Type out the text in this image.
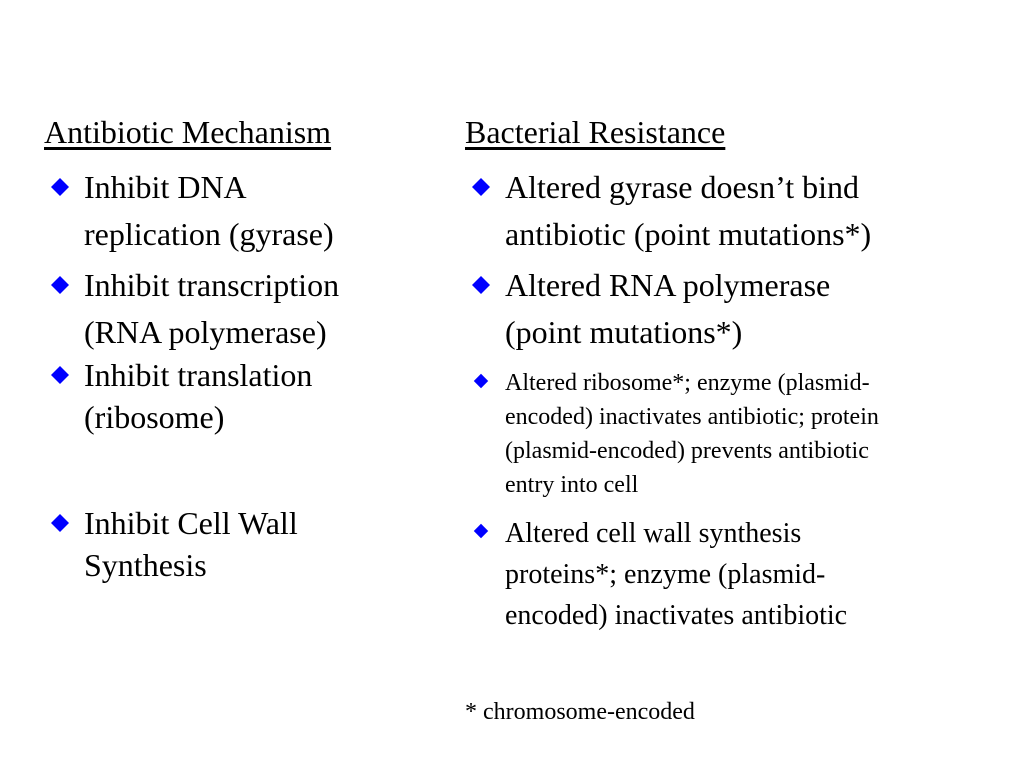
Antibiotic Mechanism
Inhibit DNA
replication (gyrase)
Inhibit transcription
(RNA polymerase)
Inhibit translation
(ribosome)
Inhibit Cell Wall
Synthesis
Bacterial Resistance
Altered gyrase doesn’t bind
antibiotic (point mutations*)
Altered RNA polymerase
(point mutations*)
Altered ribosome*; enzyme (plasmid-
encoded) inactivates antibiotic; protein
(plasmid-encoded) prevents antibiotic
entry into cell
Altered cell wall synthesis
proteins*; enzyme (plasmid-
encoded) inactivates antibiotic
* chromosome-encoded
